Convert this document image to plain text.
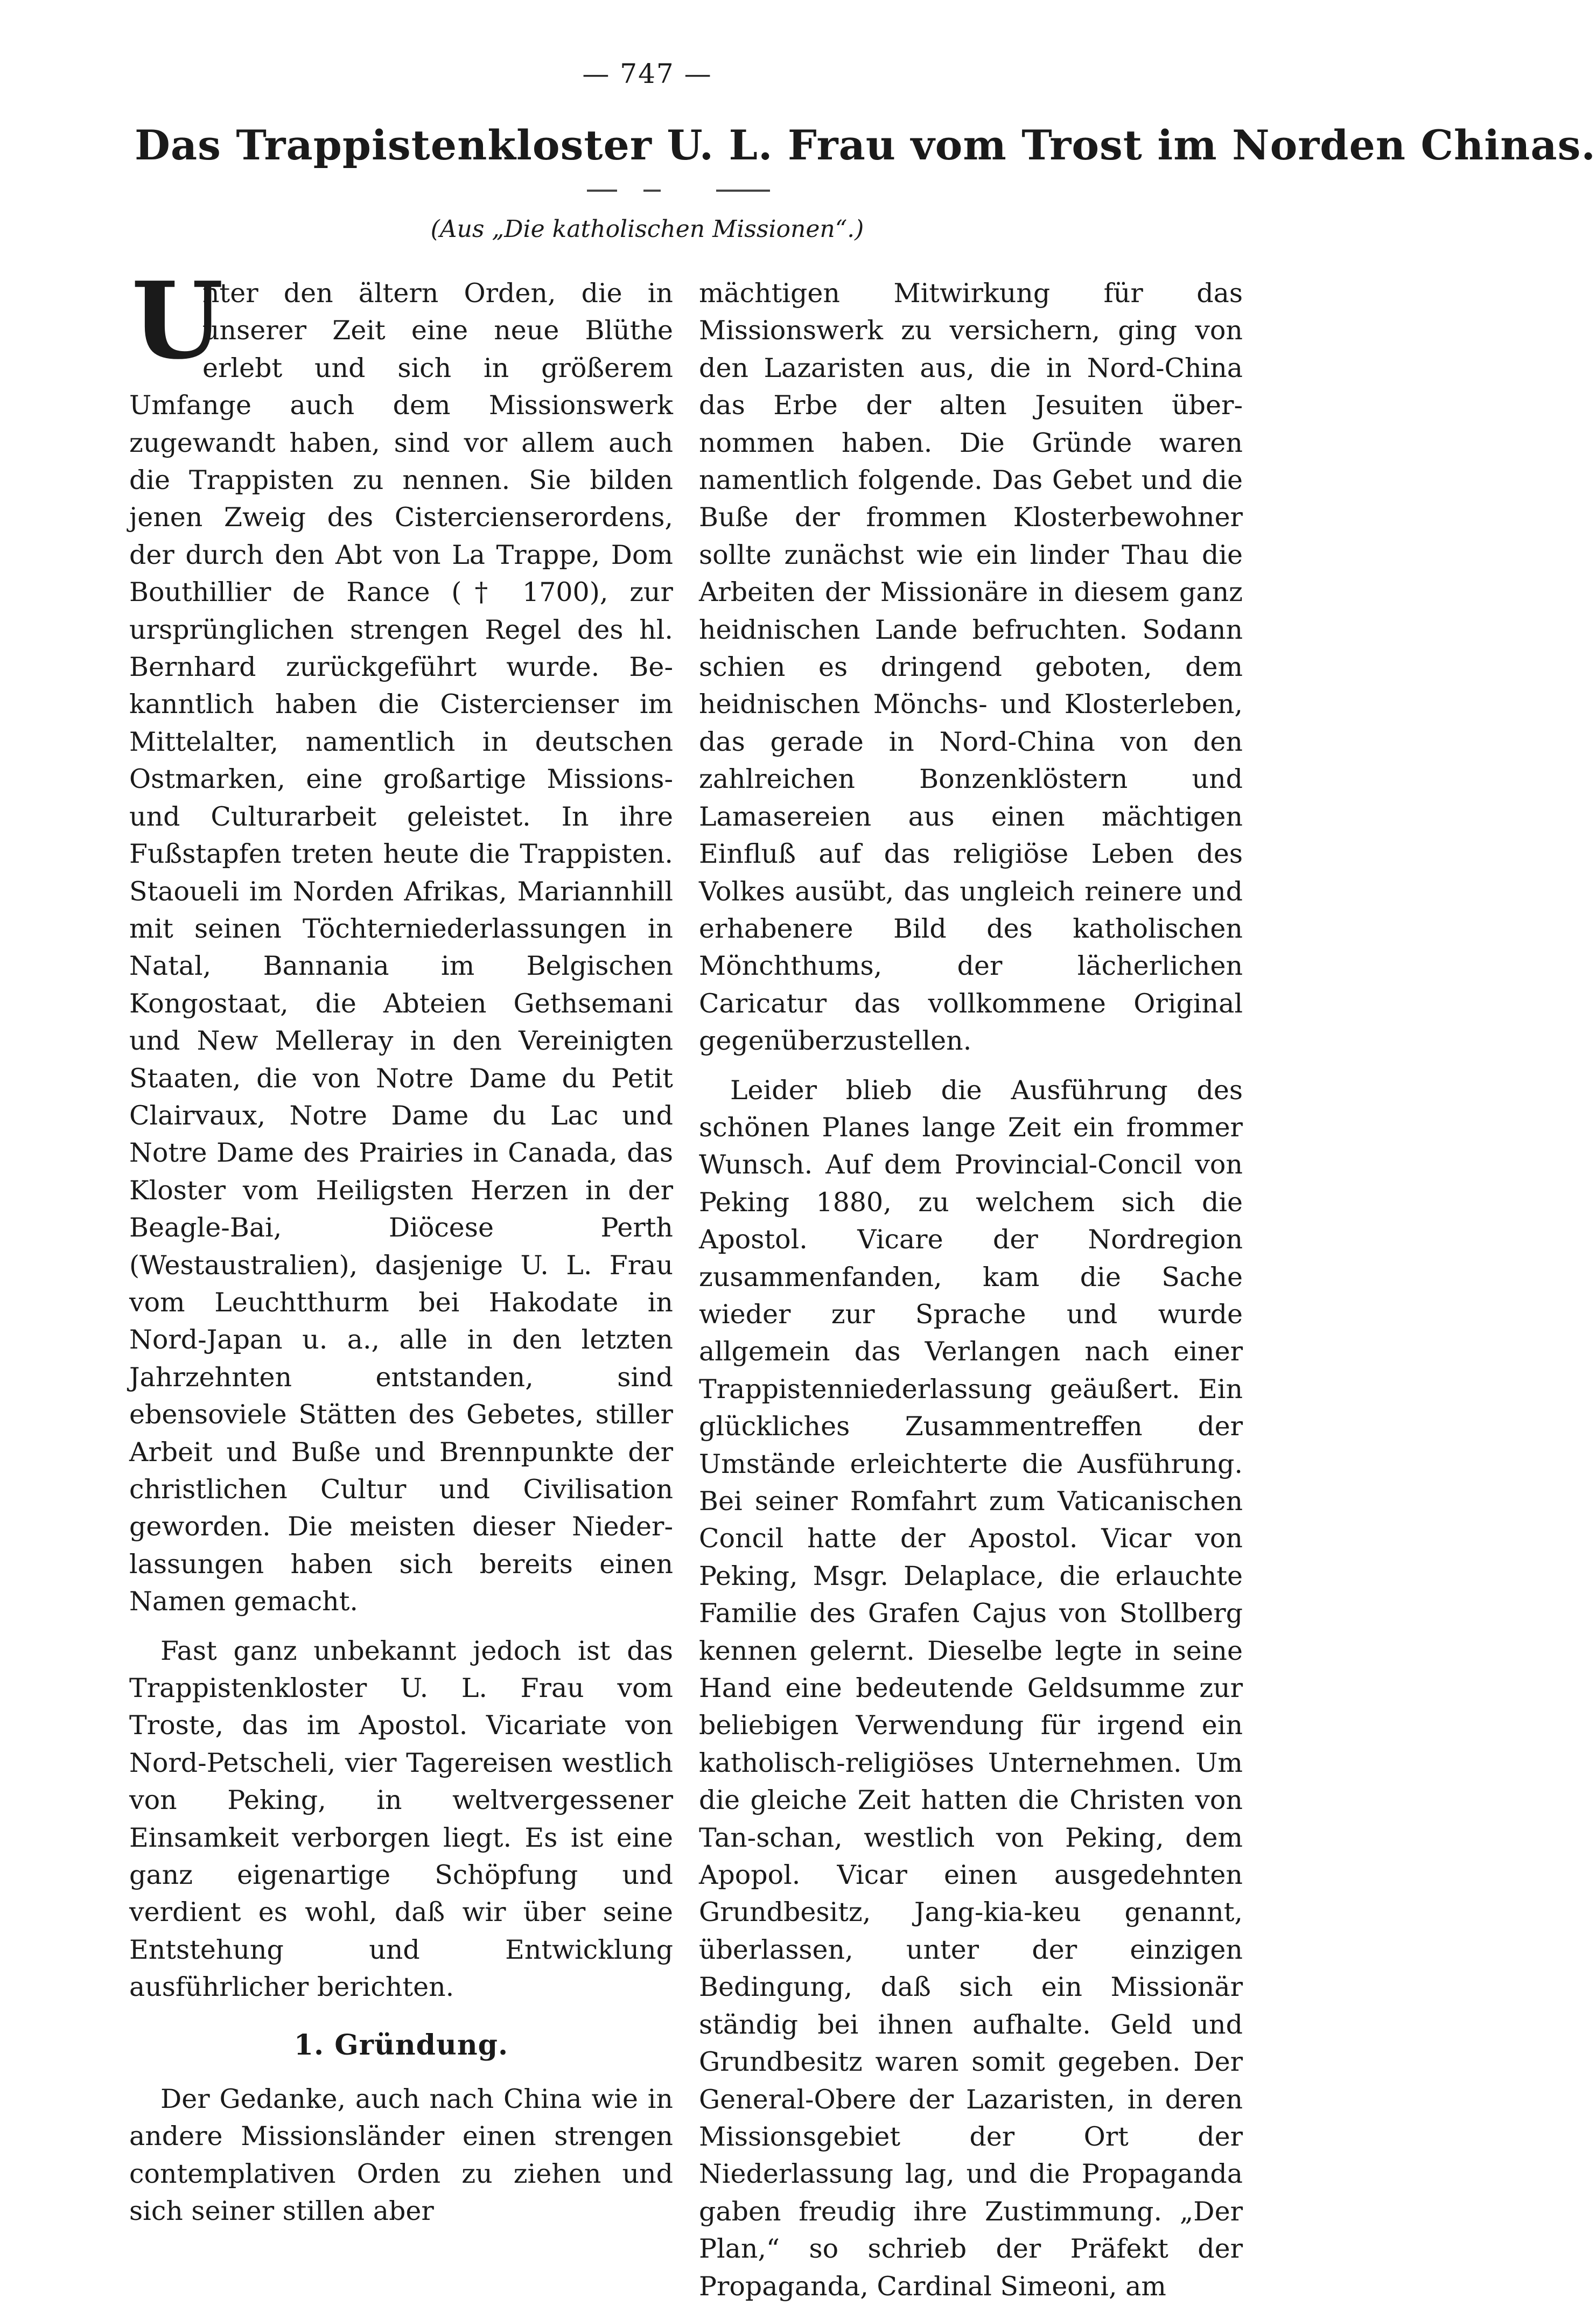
— 747 —
Das Trappistenkloster U. L. Frau vom Trost im Norden Chinas.
(Aus „Die katholischen Missionen“.)

U
nter den ältern Orden, die in unserer Zeit eine neue Blüthe erlebt und sich in größerem Umfange auch dem Missionswerk zugewandt haben, sind vor allem auch die Trappisten zu nennen. Sie bilden jenen Zweig des Cistercienserordens, der durch den Abt von La Trappe, Dom Bouthillier de Rance († 1700), zur ursprünglichen strengen Regel des hl. Bernhard zurückgeführt wurde. Bekanntlich haben die Cistercienser im Mittelalter, namentlich in deutschen Ostmarken, eine großartige Missions- und Culturarbeit geleistet. In ihre Fußstapfen treten heute die Trappisten. Staoueli im Norden Afrikas, Mariannhill mit seinen Töchterniederlassungen in Natal, Bannania im Belgischen Kongostaat, die Abteien Gethsemani und New Melleray in den Vereinigten Staaten, die von Notre Dame du Petit Clairvaux, Notre Dame du Lac und Notre Dame des Prairies in Canada, das Kloster vom Heiligsten Herzen in der Beagle-Bai, Diöcese Perth (Westaustralien), dasjenige U. L. Frau vom Leuchtthurm bei Hakodate in Nord-Japan u. a., alle in den letzten Jahrzehnten entstanden, sind ebensoviele Stätten des Gebetes, stiller Arbeit und Buße und Brennpunkte der christlichen Cultur und Civilisation geworden. Die meisten dieser Niederlassungen haben sich bereits einen Namen gemacht.

Fast ganz unbekannt jedoch ist das Trappistenkloster U. L. Frau vom Troste, das im Apostol. Vicariate von Nord-Petscheli, vier Tagereisen westlich von Peking, in weltvergessener Einsamkeit verborgen liegt. Es ist eine ganz eigenartige Schöpfung und verdient es wohl, daß wir über seine Entstehung und Entwicklung ausführlicher berichten.

1. Gründung.

Der Gedanke, auch nach China wie in andere Missionsländer einen strengen contemplativen Orden zu ziehen und sich seiner stillen aber

mächtigen Mitwirkung für das Missionswerk zu versichern, ging von den Lazaristen aus, die in Nord-China das Erbe der alten Jesuiten übernommen haben. Die Gründe waren namentlich folgende. Das Gebet und die Buße der frommen Klosterbewohner sollte zunächst wie ein linder Thau die Arbeiten der Missionäre in diesem ganz heidnischen Lande befruchten. Sodann schien es dringend geboten, dem heidnischen Mönchs- und Klosterleben, das gerade in Nord-China von den zahlreichen Bonzenklöstern und Lamasereien aus einen mächtigen Einfluß auf das religiöse Leben des Volkes ausübt, das ungleich reinere und erhabenere Bild des katholischen Mönchthums, der lächerlichen Caricatur das vollkommene Original gegenüberzustellen.

Leider blieb die Ausführung des schönen Planes lange Zeit ein frommer Wunsch. Auf dem Provincial-Concil von Peking 1880, zu welchem sich die Apostol. Vicare der Nordregion zusammenfanden, kam die Sache wieder zur Sprache und wurde allgemein das Verlangen nach einer Trappistenniederlassung geäußert. Ein glückliches Zusammentreffen der Umstände erleichterte die Ausführung. Bei seiner Romfahrt zum Vaticanischen Concil hatte der Apostol. Vicar von Peking, Msgr. Delaplace, die erlauchte Familie des Grafen Cajus von Stollberg kennen gelernt. Dieselbe legte in seine Hand eine bedeutende Geldsumme zur beliebigen Verwendung für irgend ein katholisch-religiöses Unternehmen. Um die gleiche Zeit hatten die Christen von Tan-schan, westlich von Peking, dem Apopol. Vicar einen ausgedehnten Grundbesitz, Jang-kia-keu genannt, überlassen, unter der einzigen Bedingung, daß sich ein Missionär ständig bei ihnen aufhalte. Geld und Grundbesitz waren somit gegeben. Der General-Obere der Lazaristen, in deren Missionsgebiet der Ort der Niederlassung lag, und die Propaganda gaben freudig ihre Zustimmung. „Der Plan,“ so schrieb der Präfekt der Propaganda, Cardinal Simeoni, am
